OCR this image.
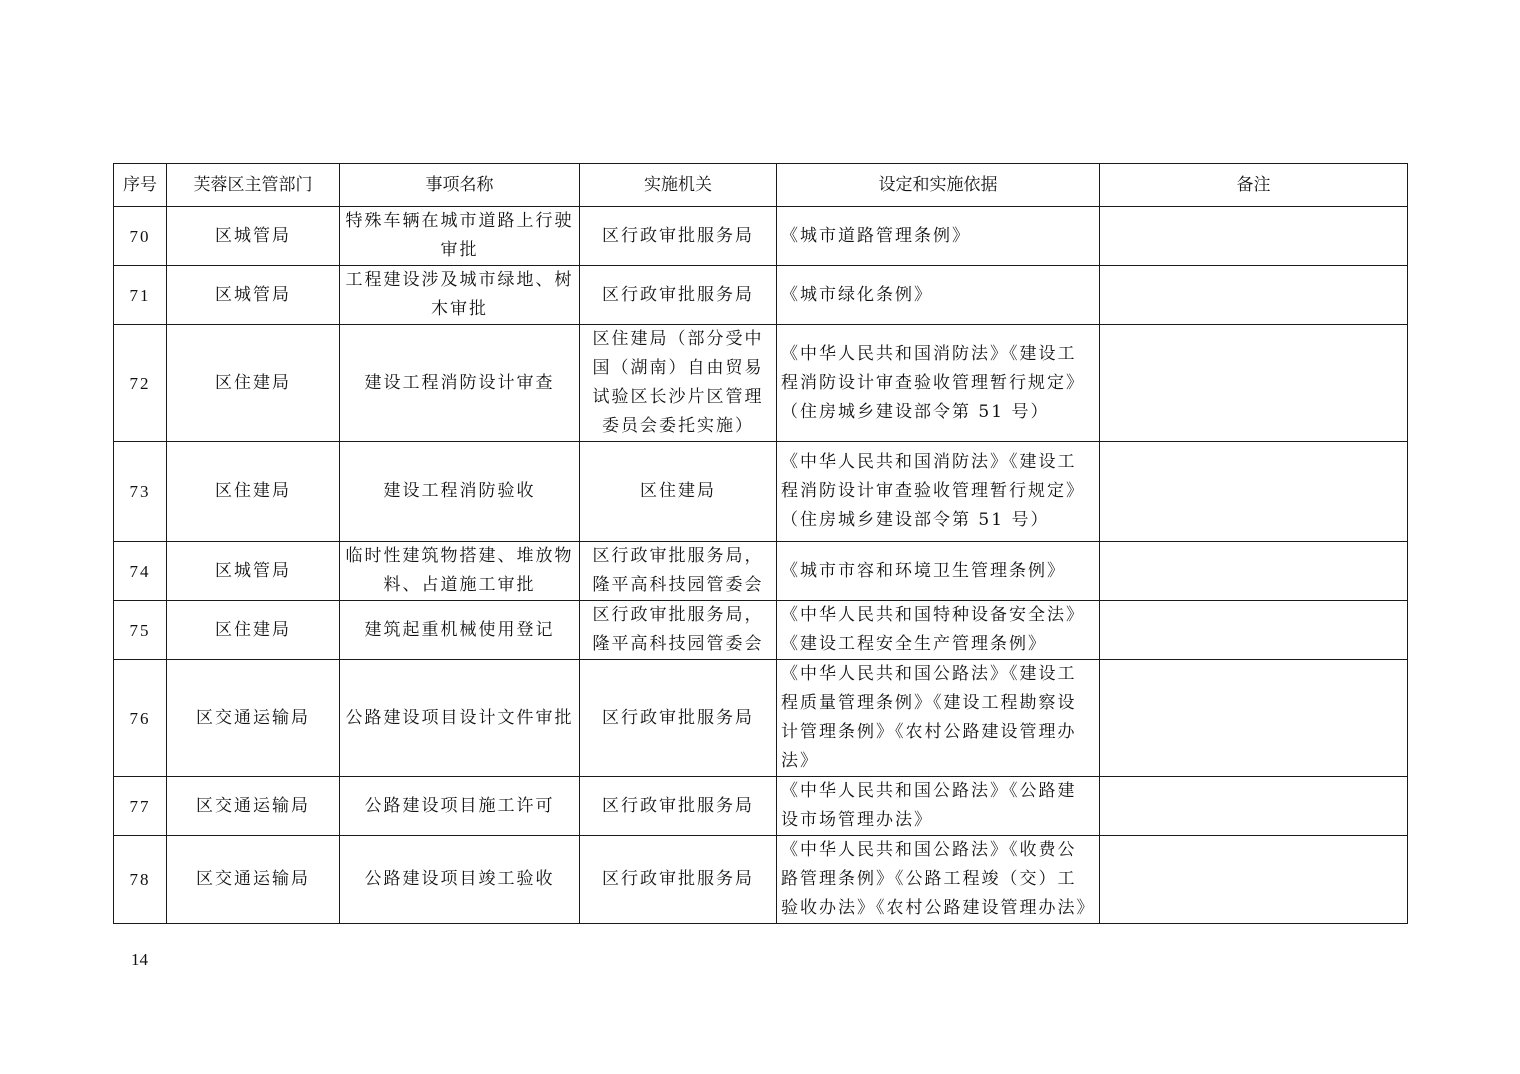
序号	芙蓉区主管部门	事项名称	实施机关	设定和实施依据	备注
70	区城管局	特殊车辆在城市道路上行驶审批	区行政审批服务局	《城市道路管理条例》	
71	区城管局	工程建设涉及城市绿地、树木审批	区行政审批服务局	《城市绿化条例》	
72	区住建局	建设工程消防设计审查	区住建局（部分受中国（湖南）自由贸易试验区长沙片区管理委员会委托实施）	《中华人民共和国消防法》《建设工程消防设计审查验收管理暂行规定》（住房城乡建设部令第 51 号）	
73	区住建局	建设工程消防验收	区住建局	《中华人民共和国消防法》《建设工程消防设计审查验收管理暂行规定》（住房城乡建设部令第 51 号）	
74	区城管局	临时性建筑物搭建、堆放物料、占道施工审批	区行政审批服务局，隆平高科技园管委会	《城市市容和环境卫生管理条例》	
75	区住建局	建筑起重机械使用登记	区行政审批服务局，隆平高科技园管委会	《中华人民共和国特种设备安全法》《建设工程安全生产管理条例》	
76	区交通运输局	公路建设项目设计文件审批	区行政审批服务局	《中华人民共和国公路法》《建设工程质量管理条例》《建设工程勘察设计管理条例》《农村公路建设管理办法》	
77	区交通运输局	公路建设项目施工许可	区行政审批服务局	《中华人民共和国公路法》《公路建设市场管理办法》	
78	区交通运输局	公路建设项目竣工验收	区行政审批服务局	《中华人民共和国公路法》《收费公路管理条例》《公路工程竣（交）工验收办法》《农村公路建设管理办法》	
14
